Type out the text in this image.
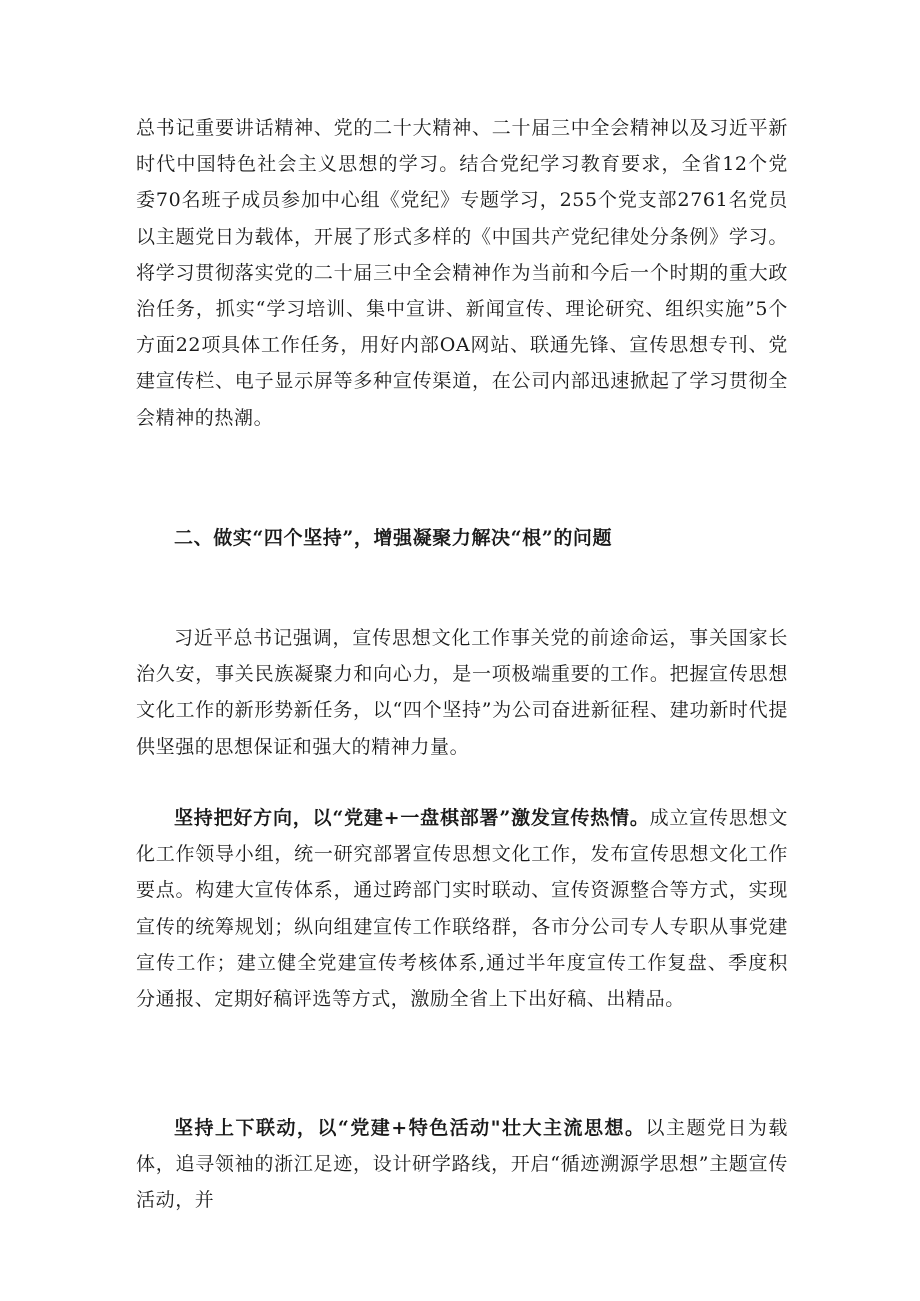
总书记重要讲话精神、党的二十大精神、二十届三中全会精神以及习近平新时代中国特色社会主义思想的学习。结合党纪学习教育要求，全省12个党委70名班子成员参加中心组《党纪》专题学习，255个党支部2761名党员以主题党日为载体，开展了形式多样的《中国共产党纪律处分条例》学习。将学习贯彻落实党的二十届三中全会精神作为当前和今后一个时期的重大政治任务，抓实“学习培训、集中宣讲、新闻宣传、理论研究、组织实施”5个方面22项具体工作任务，用好内部OA网站、联通先锋、宣传思想专刊、党建宣传栏、电子显示屏等多种宣传渠道，在公司内部迅速掀起了学习贯彻全会精神的热潮。

二、做实“四个坚持”，增强凝聚力解决“根”的问题

习近平总书记强调，宣传思想文化工作事关党的前途命运，事关国家长治久安，事关民族凝聚力和向心力，是一项极端重要的工作。把握宣传思想文化工作的新形势新任务，以“四个坚持”为公司奋进新征程、建功新时代提供坚强的思想保证和强大的精神力量。

坚持把好方向，以“党建+一盘棋部署”激发宣传热情。成立宣传思想文化工作领导小组，统一研究部署宣传思想文化工作，发布宣传思想文化工作要点。构建大宣传体系，通过跨部门实时联动、宣传资源整合等方式，实现宣传的统筹规划；纵向组建宣传工作联络群，各市分公司专人专职从事党建宣传工作；建立健全党建宣传考核体系,通过半年度宣传工作复盘、季度积分通报、定期好稿评选等方式，激励全省上下出好稿、出精品。

坚持上下联动，以“党建+特色活动"壮大主流思想。以主题党日为载体，追寻领袖的浙江足迹，设计研学路线，开启“循迹溯源学思想”主题宣传活动，并
